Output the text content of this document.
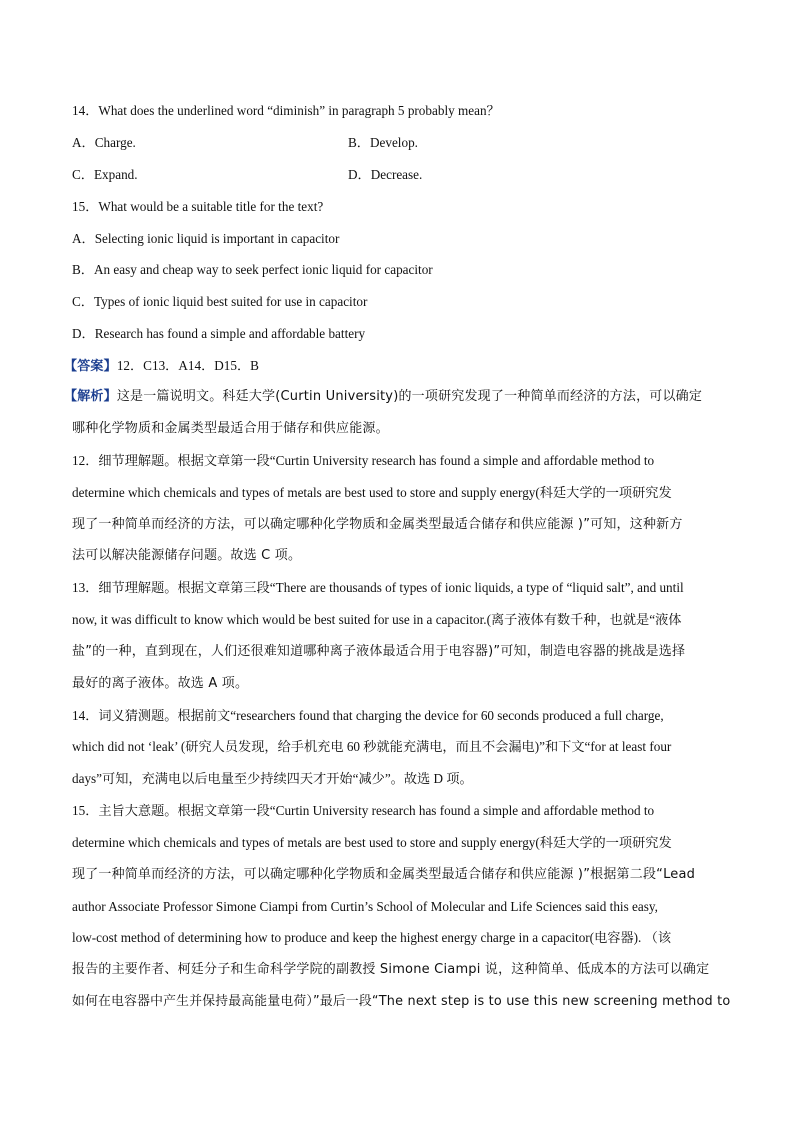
14．What does the underlined word “diminish” in paragraph 5 probably mean？
A．Charge.	B．Develop.
C．Expand.	D．Decrease.
15．What would be a suitable title for the text?
A．Selecting ionic liquid is important in capacitor
B．An easy and cheap way to seek perfect ionic liquid for capacitor
C．Types of ionic liquid best suited for use in capacitor
D．Research has found a simple and affordable battery
【答案】12．C13．A14．D15．B
【解析】这是一篇说明文。科廷大学(Curtin University)的一项研究发现了一种简单而经济的方法，可以确定
哪种化学物质和金属类型最适合用于储存和供应能源。
12．细节理解题。根据文章第一段“Curtin University research has found a simple and affordable method to
determine which chemicals and types of metals are best used to store and supply energy(科廷大学的一项研究发
现了一种简单而经济的方法，可以确定哪种化学物质和金属类型最适合储存和供应能源 )”可知，这种新方
法可以解决能源储存问题。故选 C 项。
13．细节理解题。根据文章第三段“There are thousands of types of ionic liquids, a type of “liquid salt”, and until
now, it was difficult to know which would be best suited for use in a capacitor.(离子液体有数千种，也就是“液体
盐”的一种，直到现在，人们还很难知道哪种离子液体最适合用于电容器)”可知，制造电容器的挑战是选择
最好的离子液体。故选 A 项。
14．词义猜测题。根据前文“researchers found that charging the device for 60 seconds produced a full charge,
which did not ‘leak’ (研究人员发现，给手机充电 60 秒就能充满电，而且不会漏电)”和下文“for at least four
days”可知，充满电以后电量至少持续四天才开始“减少”。故选 D 项。
15．主旨大意题。根据文章第一段“Curtin University research has found a simple and affordable method to
determine which chemicals and types of metals are best used to store and supply energy(科廷大学的一项研究发
现了一种简单而经济的方法，可以确定哪种化学物质和金属类型最适合储存和供应能源 )”根据第二段“Lead
author Associate Professor Simone Ciampi from Curtin’s School of Molecular and Life Sciences said this easy,
low-cost method of determining how to produce and keep the highest energy charge in a capacitor(电容器). （该
报告的主要作者、柯廷分子和生命科学学院的副教授 Simone Ciampi 说，这种简单、低成本的方法可以确定
如何在电容器中产生并保持最高能量电荷）”最后一段“The next step is to use this new screening method to
